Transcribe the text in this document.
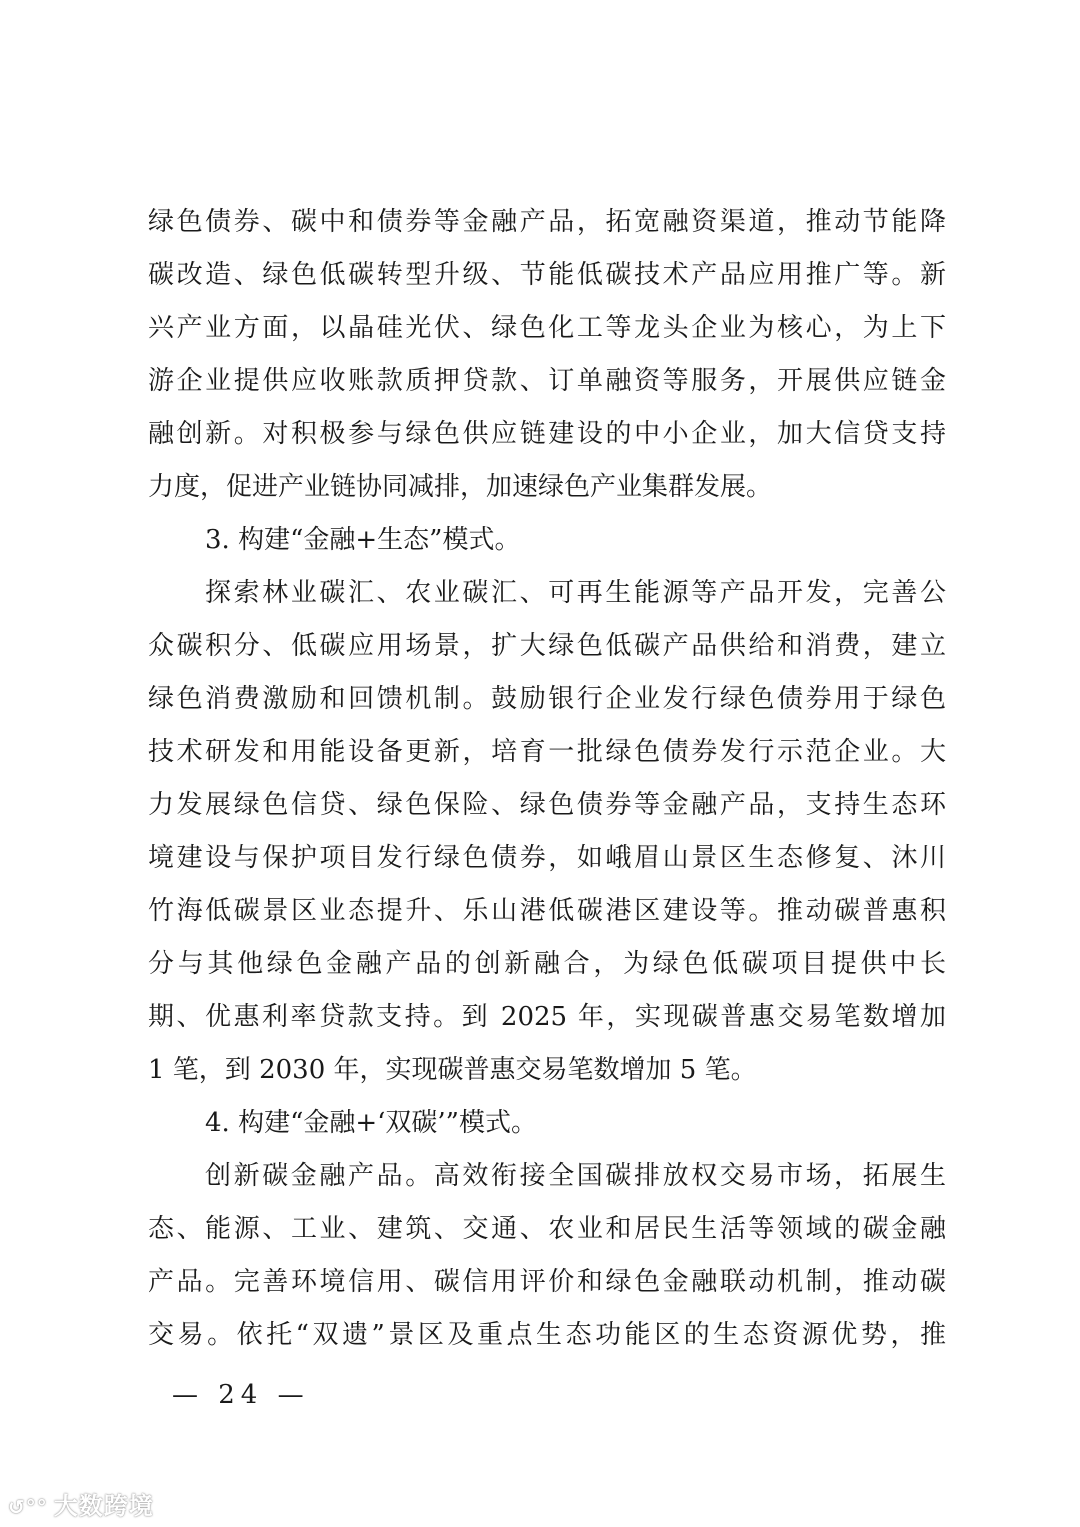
绿色债券、碳中和债券等金融产品，拓宽融资渠道，推动节能降
碳改造、绿色低碳转型升级、节能低碳技术产品应用推广等。新
兴产业方面，以晶硅光伏、绿色化工等龙头企业为核心，为上下
游企业提供应收账款质押贷款、订单融资等服务，开展供应链金
融创新。对积极参与绿色供应链建设的中小企业，加大信贷支持
力度，促进产业链协同减排，加速绿色产业集群发展。
3. 构建“金融+生态”模式。
探索林业碳汇、农业碳汇、可再生能源等产品开发，完善公
众碳积分、低碳应用场景，扩大绿色低碳产品供给和消费，建立
绿色消费激励和回馈机制。鼓励银行企业发行绿色债券用于绿色
技术研发和用能设备更新，培育一批绿色债券发行示范企业。大
力发展绿色信贷、绿色保险、绿色债券等金融产品，支持生态环
境建设与保护项目发行绿色债券，如峨眉山景区生态修复、沐川
竹海低碳景区业态提升、乐山港低碳港区建设等。推动碳普惠积
分与其他绿色金融产品的创新融合，为绿色低碳项目提供中长
期、优惠利率贷款支持。到 2025 年，实现碳普惠交易笔数增加
1 笔，到 2030 年，实现碳普惠交易笔数增加 5 笔。
4. 构建“金融+‘双碳’”模式。
创新碳金融产品。高效衔接全国碳排放权交易市场，拓展生
态、能源、工业、建筑、交通、农业和居民生活等领域的碳金融
产品。完善环境信用、碳信用评价和绿色金融联动机制，推动碳
交易。依托“双遗”景区及重点生态功能区的生态资源优势，推
— 24 —
↺°° 大数跨境
